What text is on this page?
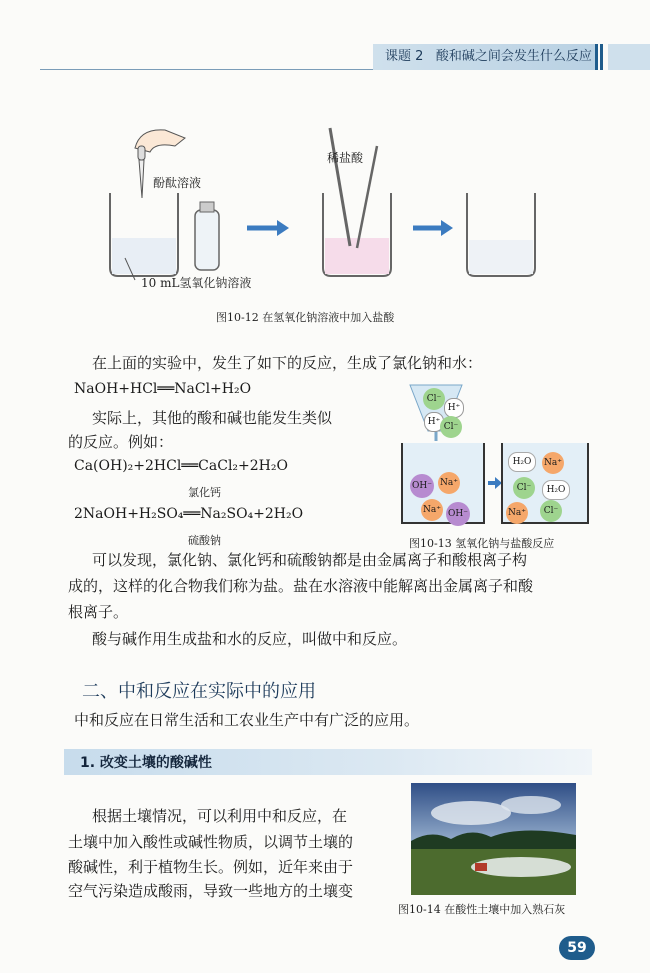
课题 2 酸和碱之间会发生什么反应
酚酞溶液
稀盐酸
10 mL氢氧化钠溶液
图10-12 在氢氧化钠溶液中加入盐酸
在上面的实验中，发生了如下的反应，生成了氯化钠和水：
NaOH+HCl══NaCl+H₂O
实际上，其他的酸和碱也能发生类似
的反应。例如：
Ca(OH)₂+2HCl══CaCl₂+2H₂O
氯化钙
2NaOH+H₂SO₄══Na₂SO₄+2H₂O
硫酸钠
Cl⁻
H⁺
H⁺ Cl⁻
OH⁻ Na⁺
Na⁺ OH⁻
H₂O	Na⁺
Cl⁻	H₂O
Na⁺	Cl⁻
图10-13 氢氧化钠与盐酸反应
可以发现，氯化钠、氯化钙和硫酸钠都是由金属离子和酸根离子构
成的，这样的化合物我们称为盐。盐在水溶液中能解离出金属离子和酸
根离子。
酸与碱作用生成盐和水的反应，叫做中和反应。
二、中和反应在实际中的应用
中和反应在日常生活和工农业生产中有广泛的应用。
1. 改变土壤的酸碱性
根据土壤情况，可以利用中和反应，在
土壤中加入酸性或碱性物质，以调节土壤的
酸碱性，利于植物生长。例如，近年来由于
空气污染造成酸雨，导致一些地方的土壤变
图10-14 在酸性土壤中加入熟石灰
59
